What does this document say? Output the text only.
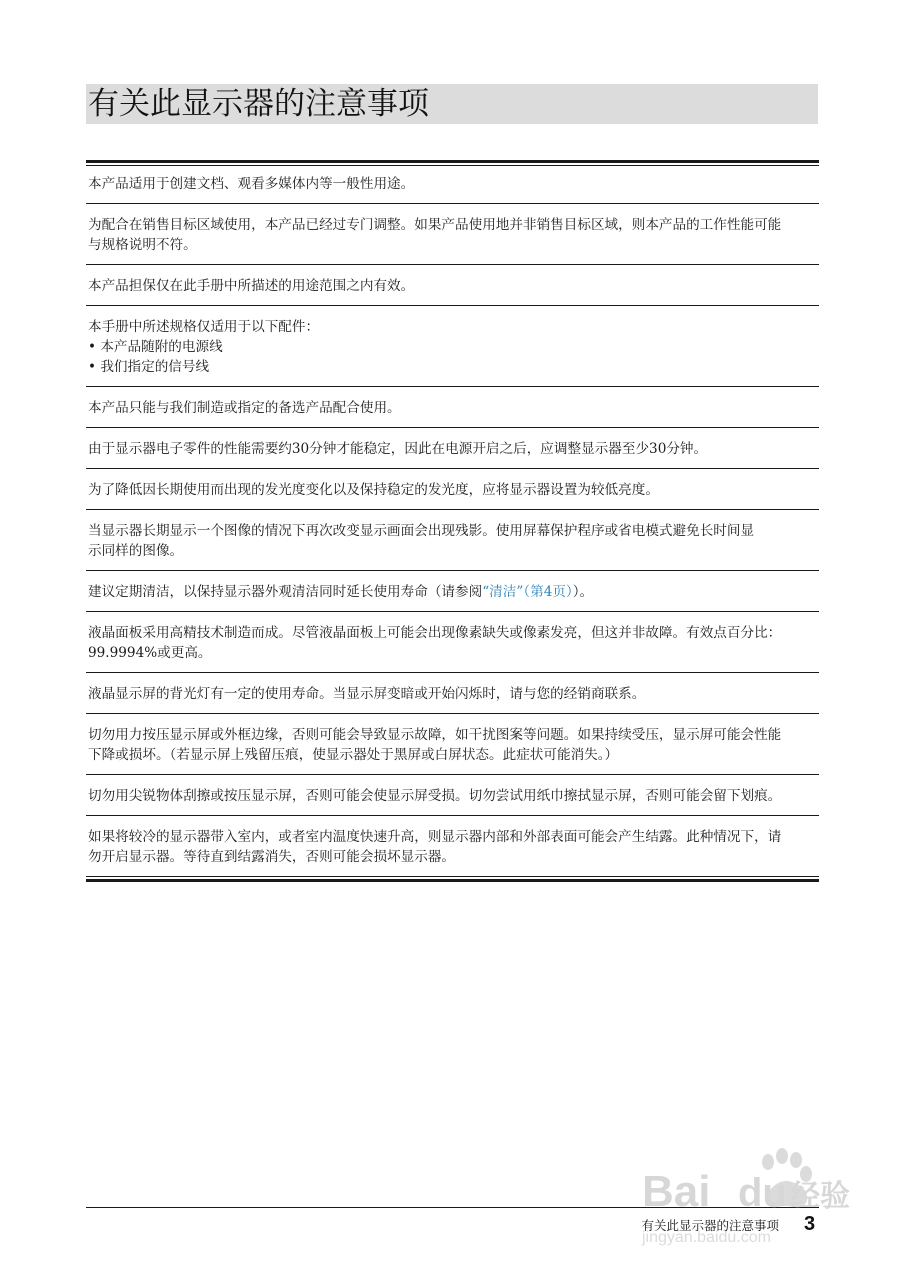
有关此显示器的注意事项
本产品适用于创建文档、观看多媒体内等一般性用途。
为配合在销售目标区域使用，本产品已经过专门调整。如果产品使用地并非销售目标区域，则本产品的工作性能可能
与规格说明不符。
本产品担保仅在此手册中所描述的用途范围之内有效。
本手册中所述规格仅适用于以下配件：
• 本产品随附的电源线
• 我们指定的信号线
本产品只能与我们制造或指定的备选产品配合使用。
由于显示器电子零件的性能需要约30分钟才能稳定，因此在电源开启之后，应调整显示器至少30分钟。
为了降低因长期使用而出现的发光度变化以及保持稳定的发光度，应将显示器设置为较低亮度。
当显示器长期显示一个图像的情况下再次改变显示画面会出现残影。使用屏幕保护程序或省电模式避免长时间显
示同样的图像。
建议定期清洁，以保持显示器外观清洁同时延长使用寿命（请参阅“清洁”（第4页））。
液晶面板采用高精技术制造而成。尽管液晶面板上可能会出现像素缺失或像素发亮，但这并非故障。有效点百分比：
99.9994%或更高。
液晶显示屏的背光灯有一定的使用寿命。当显示屏变暗或开始闪烁时，请与您的经销商联系。
切勿用力按压显示屏或外框边缘，否则可能会导致显示故障，如干扰图案等问题。如果持续受压，显示屏可能会性能
下降或损坏。（若显示屏上残留压痕，使显示器处于黑屏或白屏状态。此症状可能消失。）
切勿用尖锐物体刮擦或按压显示屏，否则可能会使显示屏受损。切勿尝试用纸巾擦拭显示屏，否则可能会留下划痕。
如果将较冷的显示器带入室内，或者室内温度快速升高，则显示器内部和外部表面可能会产生结露。此种情况下，请
勿开启显示器。等待直到结露消失，否则可能会损坏显示器。
有关此显示器的注意事项 3
Bai du 经验
jingyan.baidu.com
